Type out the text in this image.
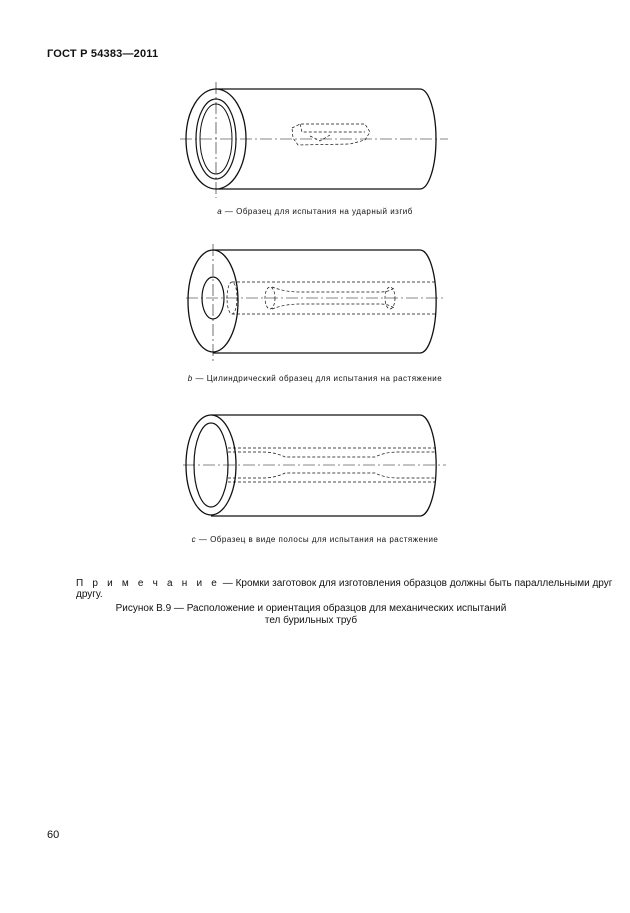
ГОСТ Р 54383—2011
a — Образец для испытания на ударный изгиб
b — Цилиндрический образец для испытания на растяжение
c — Образец в виде полосы для испытания на растяжение
П р и м е ч а н и е — Кромки заготовок для изготовления образцов должны быть параллельными друг другу.
Рисунок В.9 — Расположение и ориентация образцов для механических испытаний
тел бурильных труб
60
